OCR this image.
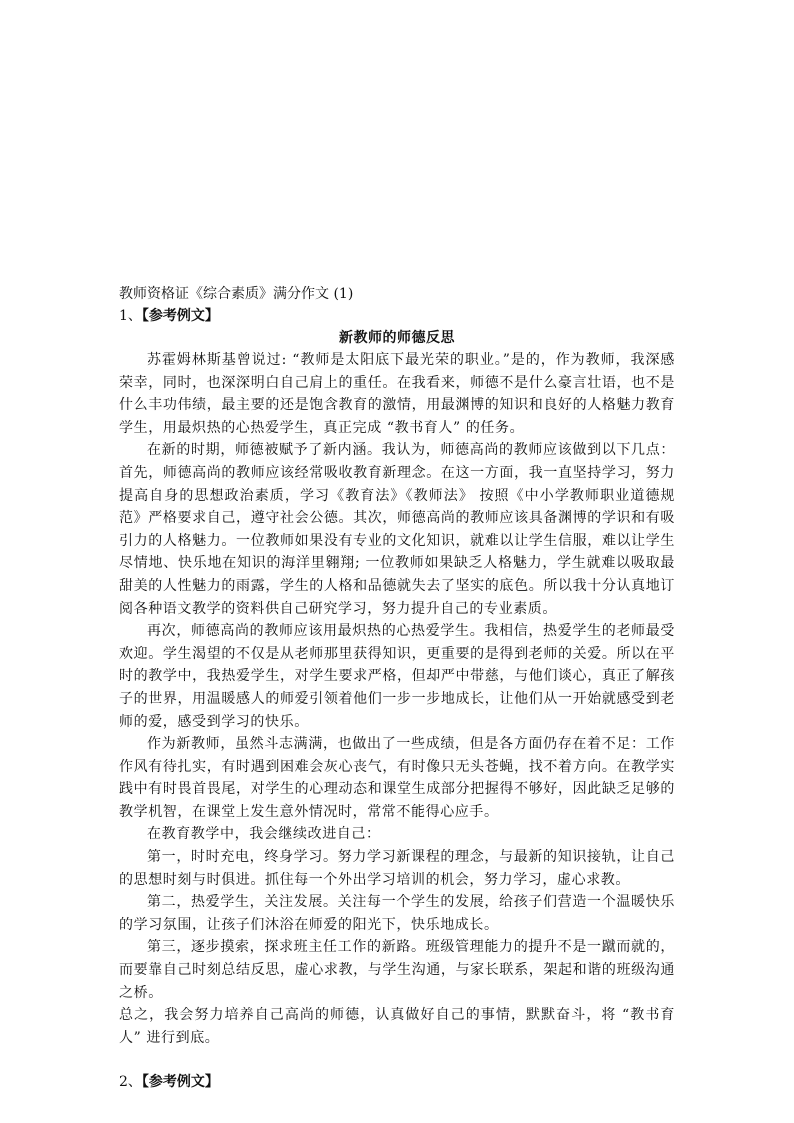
教师资格证《综合素质》满分作文 (1)
1、【参考例文】
新教师的师德反思

苏霍姆林斯基曾说过: “教师是太阳底下最光荣的职业。”是的，作为教师，我深感荣幸，同时，也深深明白自己肩上的重任。在我看来，师德不是什么豪言壮语，也不是什么丰功伟绩，最主要的还是饱含教育的激情，用最渊博的知识和良好的人格魅力教育学生，用最炽热的心热爱学生，真正完成 “教书育人” 的任务。

在新的时期，师德被赋予了新内涵。我认为，师德高尚的教师应该做到以下几点：首先，师德高尚的教师应该经常吸收教育新理念。在这一方面，我一直坚持学习，努力提高自身的思想政治素质，学习《教育法》《教师法》 按照《中小学教师职业道德规范》严格要求自己，遵守社会公德。其次，师德高尚的教师应该具备渊博的学识和有吸引力的人格魅力。一位教师如果没有专业的文化知识，就难以让学生信服，难以让学生尽情地、快乐地在知识的海洋里翱翔; 一位教师如果缺乏人格魅力，学生就难以吸取最甜美的人性魅力的雨露，学生的人格和品德就失去了坚实的底色。所以我十分认真地订阅各种语文教学的资料供自己研究学习，努力提升自己的专业素质。

再次，师德高尚的教师应该用最炽热的心热爱学生。我相信，热爱学生的老师最受欢迎。学生渴望的不仅是从老师那里获得知识，更重要的是得到老师的关爱。所以在平时的教学中，我热爱学生，对学生要求严格，但却严中带慈，与他们谈心，真正了解孩子的世界，用温暖感人的师爱引领着他们一步一步地成长，让他们从一开始就感受到老师的爱，感受到学习的快乐。

作为新教师，虽然斗志满满，也做出了一些成绩，但是各方面仍存在着不足：工作作风有待扎实，有时遇到困难会灰心丧气，有时像只无头苍蝇，找不着方向。在教学实践中有时畏首畏尾，对学生的心理动态和课堂生成部分把握得不够好，因此缺乏足够的教学机智，在课堂上发生意外情况时，常常不能得心应手。

在教育教学中，我会继续改进自己：

第一，时时充电，终身学习。努力学习新课程的理念，与最新的知识接轨，让自己的思想时刻与时俱进。抓住每一个外出学习培训的机会，努力学习，虚心求教。

第二，热爱学生，关注发展。关注每一个学生的发展，给孩子们营造一个温暖快乐的学习氛围，让孩子们沐浴在师爱的阳光下，快乐地成长。

第三，逐步摸索，探求班主任工作的新路。班级管理能力的提升不是一蹴而就的，而要靠自己时刻总结反思，虚心求教，与学生沟通，与家长联系，架起和谐的班级沟通之桥。

总之，我会努力培养自己高尚的师德，认真做好自己的事情，默默奋斗，将 “教书育人” 进行到底。

2、【参考例文】
